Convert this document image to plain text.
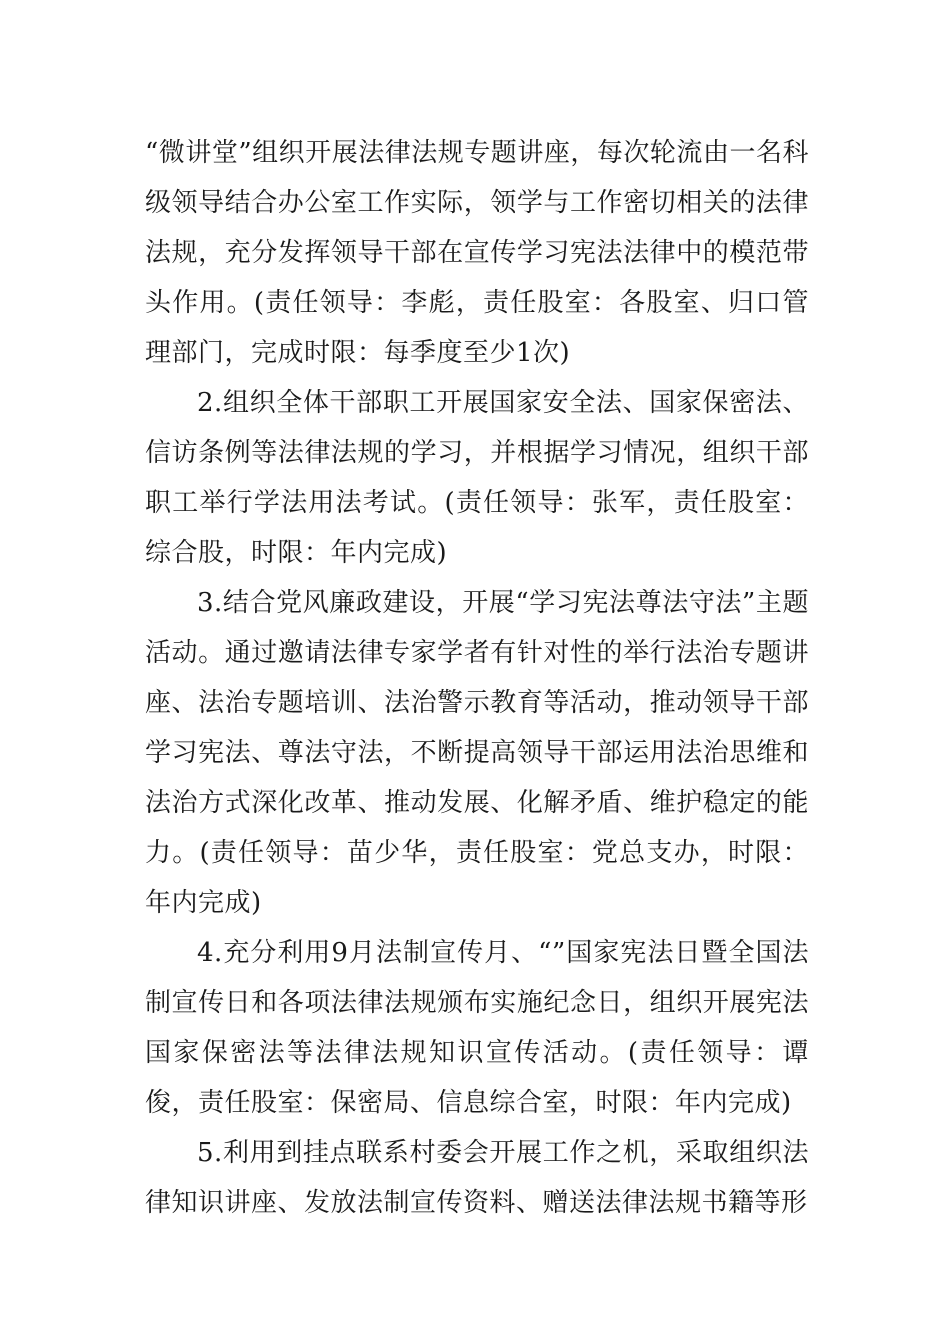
“微讲堂”组织开展法律法规专题讲座，每次轮流由一名科级领导结合办公室工作实际，领学与工作密切相关的法律法规，充分发挥领导干部在宣传学习宪法法律中的模范带头作用。(责任领导：李彪，责任股室：各股室、归口管理部门，完成时限：每季度至少1次)

2.组织全体干部职工开展国家安全法、国家保密法、信访条例等法律法规的学习，并根据学习情况，组织干部职工举行学法用法考试。(责任领导：张军，责任股室：综合股，时限：年内完成)

3.结合党风廉政建设，开展“学习宪法尊法守法”主题活动。通过邀请法律专家学者有针对性的举行法治专题讲座、法治专题培训、法治警示教育等活动，推动领导干部学习宪法、尊法守法，不断提高领导干部运用法治思维和法治方式深化改革、推动发展、化解矛盾、维护稳定的能力。(责任领导：苗少华，责任股室：党总支办，时限：年内完成)

4.充分利用9月法制宣传月、“”国家宪法日暨全国法制宣传日和各项法律法规颁布实施纪念日，组织开展宪法国家保密法等法律法规知识宣传活动。(责任领导：谭俊，责任股室：保密局、信息综合室，时限：年内完成)

5.利用到挂点联系村委会开展工作之机，采取组织法律知识讲座、发放法制宣传资料、赠送法律法规书籍等形
